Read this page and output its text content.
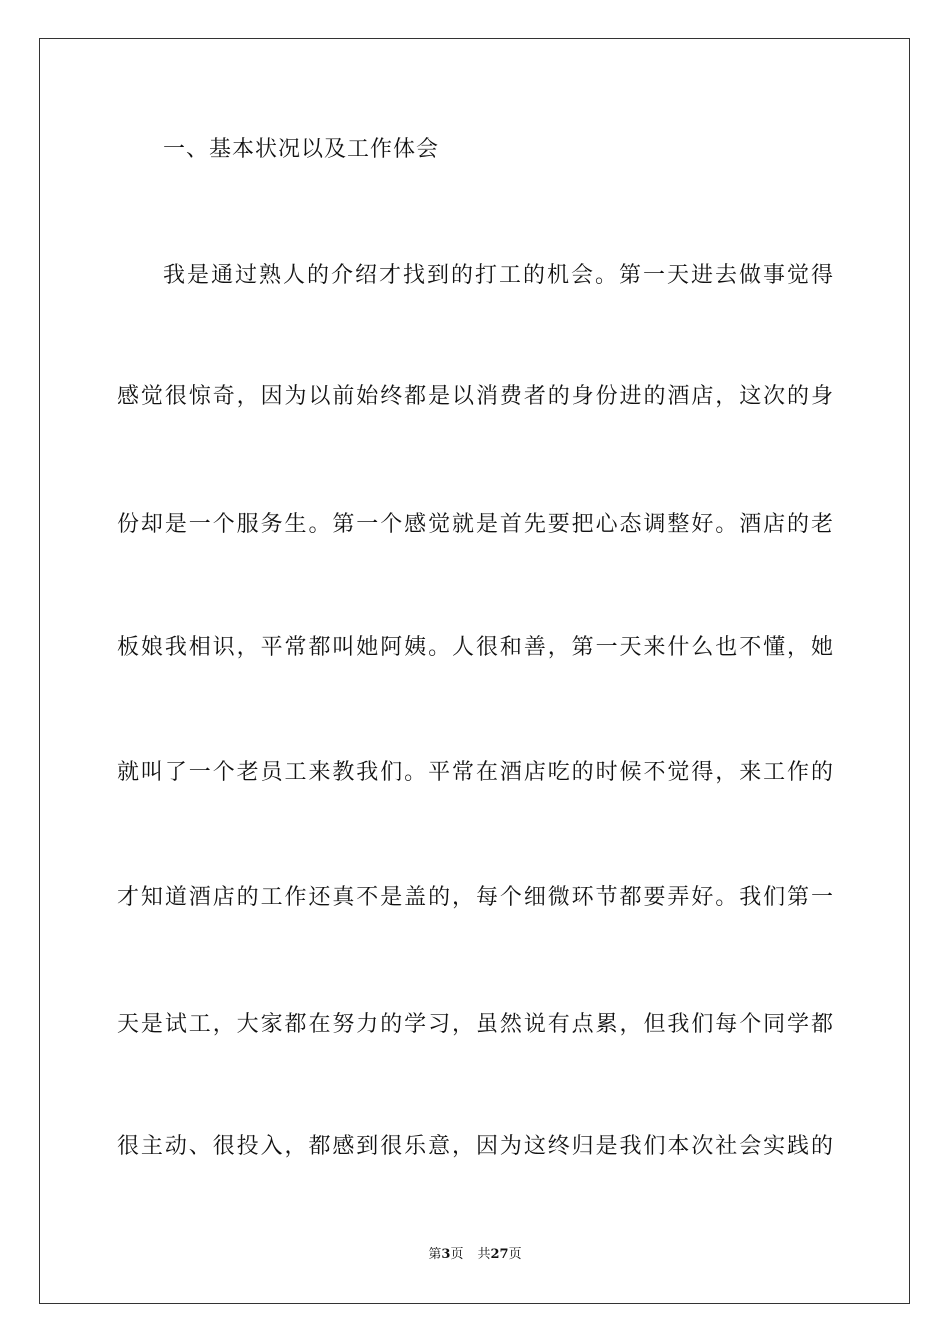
一、基本状况以及工作体会
我是通过熟人的介绍才找到的打工的机会。第一天进去做事觉得
感觉很惊奇，因为以前始终都是以消费者的身份进的酒店，这次的身
份却是一个服务生。第一个感觉就是首先要把心态调整好。酒店的老
板娘我相识，平常都叫她阿姨。人很和善，第一天来什么也不懂，她
就叫了一个老员工来教我们。平常在酒店吃的时候不觉得，来工作的
才知道酒店的工作还真不是盖的，每个细微环节都要弄好。我们第一
天是试工，大家都在努力的学习，虽然说有点累，但我们每个同学都
很主动、很投入，都感到很乐意，因为这终归是我们本次社会实践的
第3页 共27页
